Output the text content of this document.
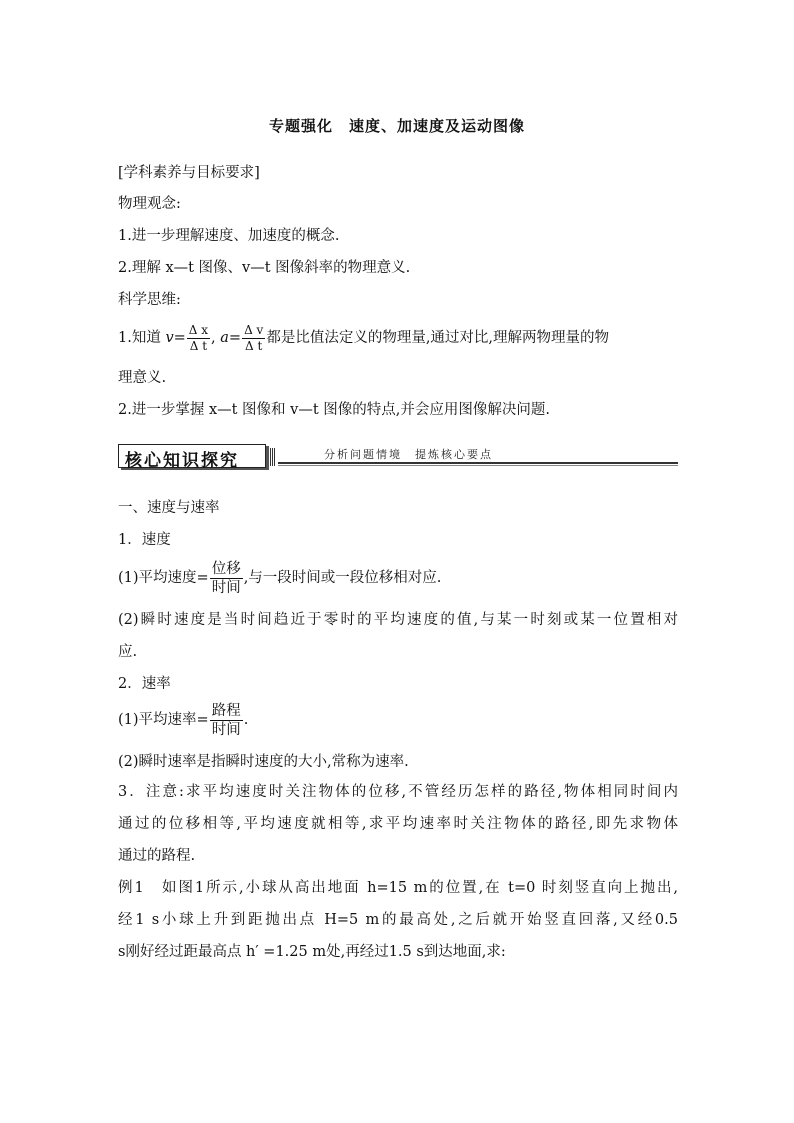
专题强化　速度、加速度及运动图像
[学科素养与目标要求]
物理观念:
1.进一步理解速度、加速度的概念.
2.理解 x—t 图像、v—t 图像斜率的物理意义.
科学思维:
1.知道 $v= \frac{\text{Δ x}}{\text{Δ t}}$ , $a= \frac{\text{Δ v}}{\text{Δ t}}$ 都是比值法定义的物理量,通过对比,理解两物理量的物
理意义.
2.进一步掌握 x—t 图像和 v—t 图像的特点,并会应用图像解决问题.
核心知识探究	分析问题情境　提炼核心要点
一、速度与速率
1．速度
(1)平均速度= $\frac{\text{位移}}{\text{时间}}$ ,与一段时间或一段位移相对应.
(2)瞬时速度是当时间趋近于零时的平均速度的值,与某一时刻或某一位置相对
应.
2．速率
(1)平均速率= $\frac{\text{路程}}{\text{时间}}$ .
(2)瞬时速率是指瞬时速度的大小,常称为速率.
3．注意:求平均速度时关注物体的位移,不管经历怎样的路径,物体相同时间内
通过的位移相等,平均速度就相等,求平均速率时关注物体的路径,即先求物体
通过的路程.
例1　如图1所示,小球从高出地面 h=15 m的位置,在 t=0 时刻竖直向上抛出,
经1 s小球上升到距抛出点 H=5 m的最高处,之后就开始竖直回落,又经0.5
s刚好经过距最高点 h′ =1.25 m处,再经过1.5 s到达地面,求:
